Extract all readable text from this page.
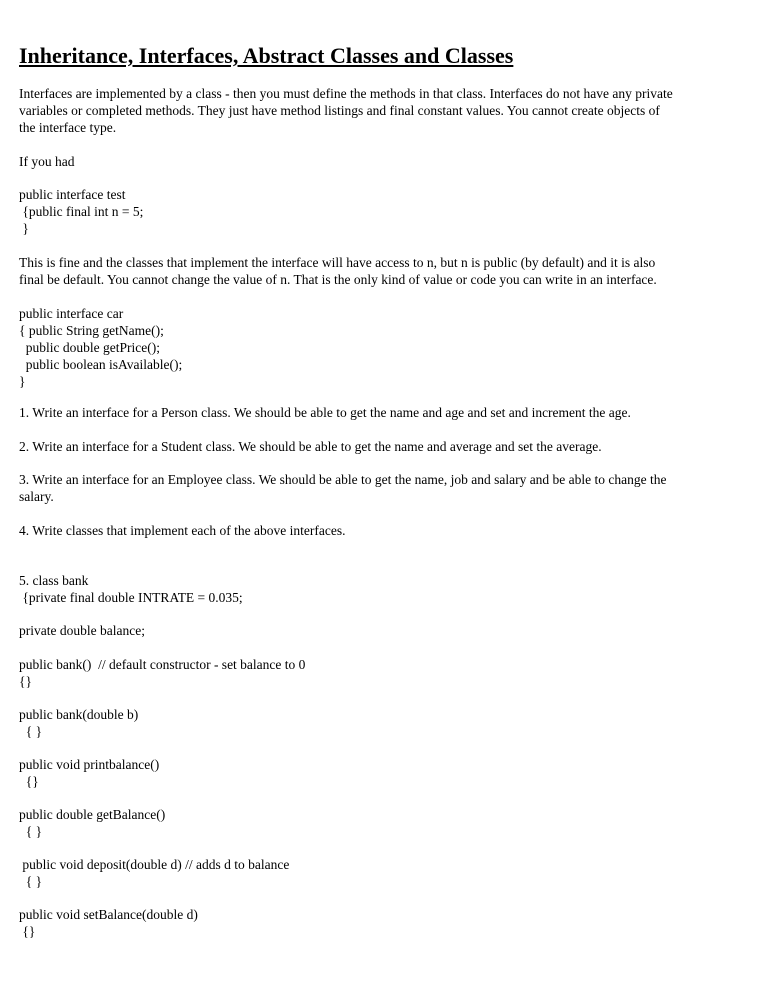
Inheritance, Interfaces, Abstract Classes and Classes
Interfaces are implemented by a class - then you must define the methods in that class. Interfaces do not have any private
variables or completed methods. They just have method listings and final constant values. You cannot create objects of
the interface type.
If you had
public interface test
{public final int n = 5;
}
This is fine and the classes that implement the interface will have access to n, but n is public (by default) and it is also
final be default. You cannot change the value of n. That is the only kind of value or code you can write in an interface.
public interface car
{ public String getName();
public double getPrice();
public boolean isAvailable();
}
1. Write an interface for a Person class. We should be able to get the name and age and set and increment the age.
2. Write an interface for a Student class. We should be able to get the name and average and set the average.
3. Write an interface for an Employee class. We should be able to get the name, job and salary and be able to change the
salary.
4. Write classes that implement each of the above interfaces.
5. class bank
{private final double INTRATE = 0.035;
private double balance;
public bank()  // default constructor - set balance to 0
{}
public bank(double b)
{ }
public void printbalance()
{}
public double getBalance()
{ }
public void deposit(double d) // adds d to balance
{ }
public void setBalance(double d)
{}
